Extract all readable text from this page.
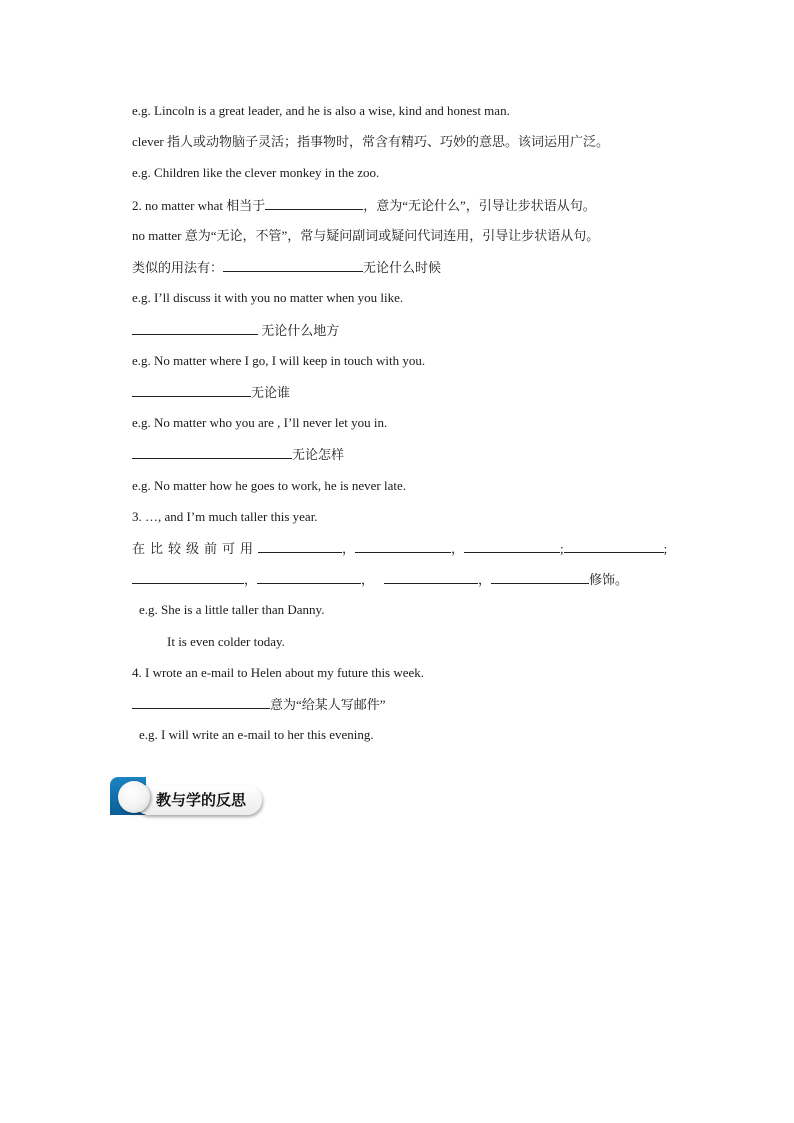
e.g. Lincoln is a great leader, and he is also a wise, kind and honest man.
clever 指人或动物脑子灵活；指事物时，常含有精巧、巧妙的意思。该词运用广泛。
e.g. Children like the clever monkey in the zoo.
2. no matter what 相当于	，意为“无论什么”，引导让步状语从句。
no matter 意为“无论，不管”，常与疑问副词或疑问代词连用，引导让步状语从句。
类似的用法有：	无论什么时候
e.g. I’ll discuss it with you no matter when you like.
无论什么地方
e.g. No matter where I go, I will keep in touch with you.
无论谁
e.g. No matter who you are , I’ll never let you in.
无论怎样
e.g. No matter how he goes to work, he is never late.
3. …, and I’m much taller this year.
在比较级前可用	，	，	;	;
，	，	，	修饰。
e.g. She is a little taller than Danny.
It is even colder today.
4. I wrote an e-mail to Helen about my future this week.
意为“给某人写邮件”
e.g. I will write an e-mail to her this evening.
教与学的反思
